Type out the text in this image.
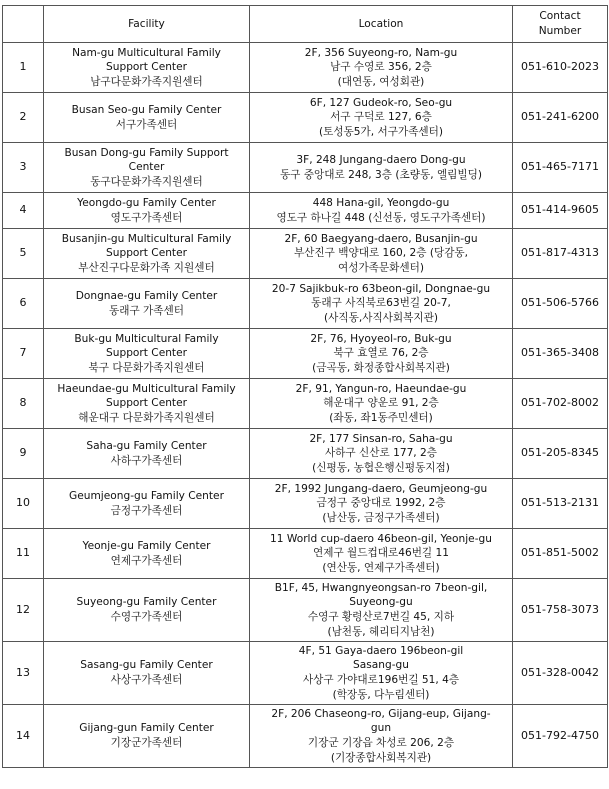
	Facility	Location	Contact
Number

1	Nam-gu Multicultural Family
Support Center
남구다문화가족지원센터	2F, 356 Suyeong-ro, Nam-gu
남구 수영로 356, 2층
(대연동, 여성회관)	051-610-2023
2	Busan Seo-gu Family Center
서구가족센터	6F, 127 Gudeok-ro, Seo-gu
서구 구덕로 127, 6층
(토성동5가, 서구가족센터)	051-241-6200
3	Busan Dong-gu Family Support
Center
동구다문화가족지원센터	3F, 248 Jungang-daero Dong-gu
동구 중앙대로 248, 3층 (초량동, 엘림빌딩)	051-465-7171
4	Yeongdo-gu Family Center
영도구가족센터	448 Hana-gil, Yeongdo-gu
영도구 하나길 448 (신선동, 영도구가족센터)	051-414-9605
5	Busanjin-gu Multicultural Family
Support Center
부산진구다문화가족 지원센터	2F, 60 Baegyang-daero, Busanjin-gu
부산진구 백양대로 160, 2층 (당감동,
여성가족문화센터)	051-817-4313
6	Dongnae-gu Family Center
동래구 가족센터	20-7 Sajikbuk-ro 63beon-gil, Dongnae-gu
동래구 사직북로63번길 20-7,
(사직동,사직사회복지관)	051-506-5766
7	Buk-gu Multicultural Family
Support Center
북구 다문화가족지원센터	2F, 76, Hyoyeol-ro, Buk-gu
북구 효열로 76, 2층
(금곡동, 화정종합사회복지관)	051-365-3408
8	Haeundae-gu Multicultural Family
Support Center
해운대구 다문화가족지원센터	2F, 91, Yangun-ro, Haeundae-gu
해운대구 양운로 91, 2층
(좌동, 좌1동주민센터)	051-702-8002
9	Saha-gu Family Center
사하구가족센터	2F, 177 Sinsan-ro, Saha-gu
사하구 신산로 177, 2층
(신평동, 농협은행신평동지점)	051-205-8345
10	Geumjeong-gu Family Center
금정구가족센터	2F, 1992 Jungang-daero, Geumjeong-gu
금정구 중앙대로 1992, 2층
(남산동, 금정구가족센터)	051-513-2131
11	Yeonje-gu Family Center
연제구가족센터	11 World cup-daero 46beon-gil, Yeonje-gu
연제구 월드컵대로46번길 11
(연산동, 연제구가족센터)	051-851-5002
12	Suyeong-gu Family Center
수영구가족센터	B1F, 45, Hwangnyeongsan-ro 7beon-gil,
Suyeong-gu
수영구 황령산로7번길 45, 지하
(남천동, 헤리티지남천)	051-758-3073
13	Sasang-gu Family Center
사상구가족센터	4F, 51 Gaya-daero 196beon-gil
Sasang-gu
사상구 가야대로196번길 51, 4층
(학장동, 다누림센터)	051-328-0042
14	Gijang-gun Family Center
기장군가족센터	2F, 206 Chaseong-ro, Gijang-eup, Gijang-
gun
기장군 기장읍 차성로 206, 2층
(기장종합사회복지관)	051-792-4750
